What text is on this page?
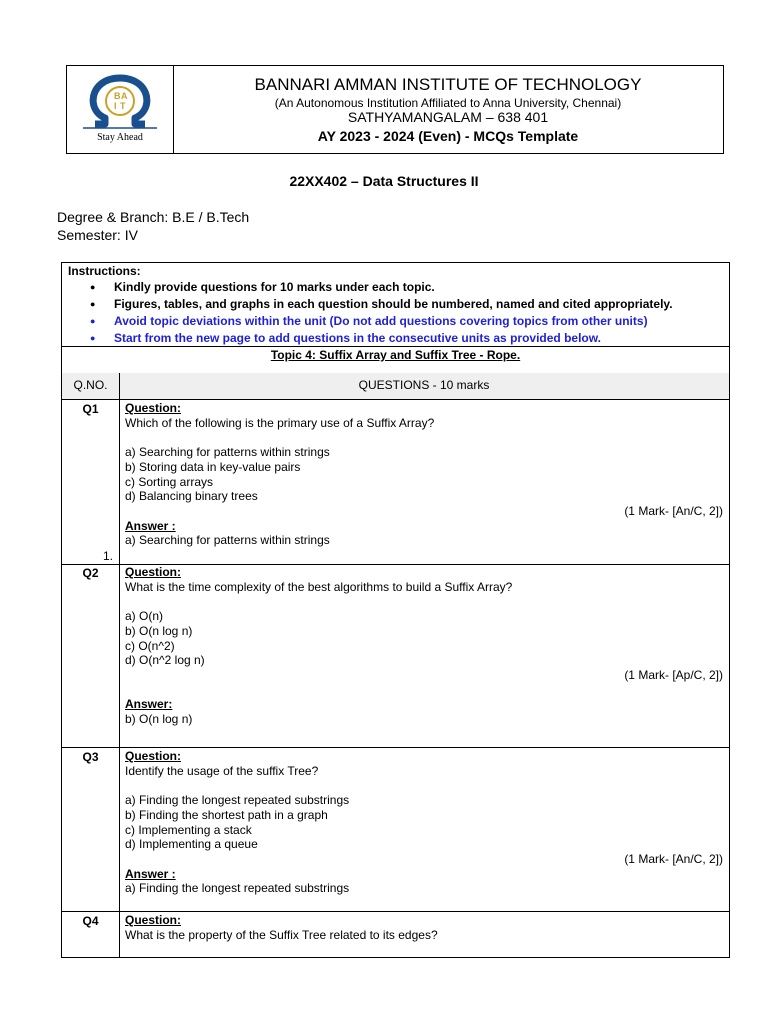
B A
I T
Stay Ahead
BANNARI AMMAN INSTITUTE OF TECHNOLOGY
(An Autonomous Institution Affiliated to Anna University, Chennai)
SATHYAMANGALAM – 638 401
AY 2023 - 2024 (Even) - MCQs Template
22XX402 – Data Structures II
Degree & Branch: B.E / B.Tech
Semester: IV
Instructions:
● Kindly provide questions for 10 marks under each topic.
● Figures, tables, and graphs in each question should be numbered, named and cited appropriately.
● Avoid topic deviations within the unit (Do not add questions covering topics from other units)
● Start from the new page to add questions in the consecutive units as provided below.
Topic 4: Suffix Array and Suffix Tree - Rope.
Q.NO.	QUESTIONS - 10 marks
Q1	Question:
Which of the following is the primary use of a Suffix Array?
a) Searching for patterns within strings
b) Storing data in key-value pairs
c) Sorting arrays
d) Balancing binary trees
(1 Mark- [An/C, 2])
Answer :
a) Searching for patterns within strings
1.
Q2	Question:
What is the time complexity of the best algorithms to build a Suffix Array?
a) O(n)
b) O(n log n)
c) O(n^2)
d) O(n^2 log n)
(1 Mark- [Ap/C, 2])
Answer:
b) O(n log n)
Q3	Question:
Identify the usage of the suffix Tree?
a) Finding the longest repeated substrings
b) Finding the shortest path in a graph
c) Implementing a stack
d) Implementing a queue
(1 Mark- [An/C, 2])
Answer :
a) Finding the longest repeated substrings
Q4	Question:
What is the property of the Suffix Tree related to its edges?
